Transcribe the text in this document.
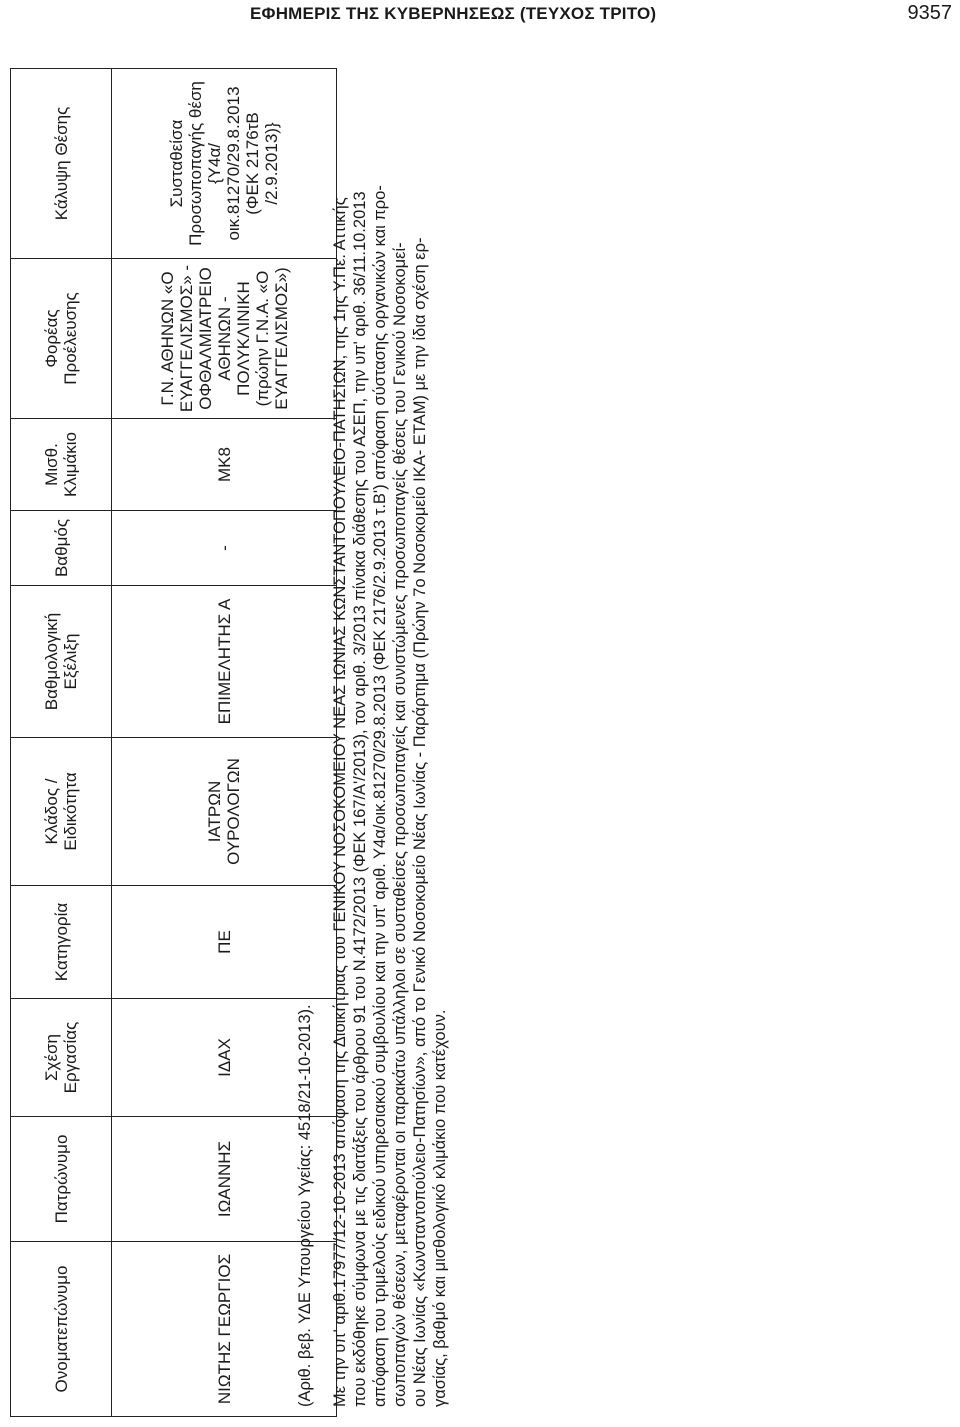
ΕΦΗΜΕΡΙΣ ΤΗΣ ΚΥΒΕΡΝΗΣΕΩΣ (ΤΕΥΧΟΣ ΤΡΙΤΟ)	9357
Ονοματεπώνυμο	Πατρώνυμο	Σχέση Εργασίας	Κατηγορία	Κλάδος / Ειδικότητα	Βαθμολογική Εξέλιξη	Βαθμός	Μισθ. Κλιμάκιο	Φορέας Προέλευσης	Κάλυψη Θέσης
ΝΙΩΤΗΣ ΓΕΩΡΓΙΟΣ	ΙΩΑΝΝΗΣ	ΙΔΑΧ	ΠΕ	ΙΑΤΡΩΝ ΟΥΡΟΛΟΓΩΝ	ΕΠΙΜΕΛΗΤΗΣ Α	-	ΜΚ8	Γ.Ν. ΑΘΗΝΩΝ «Ο ΕΥΑΓΓΕΛΙΣΜΟΣ» - ΟΦΘΑΛΜΙΑΤΡΕΙΟ ΑΘΗΝΩΝ - ΠΟΛΥΚΛΙΝΙΚΗ (πρώην Γ.Ν.Α. «Ο ΕΥΑΓΓΕΛΙΣΜΟΣ»)	Συσταθείσα Προσωποπαγής θέση {Υ4α/οικ.81270/29.8.2013 (ΦΕΚ 2176τΒ /2.9.2013)}
(Αριθ. βεβ. ΥΔΕ Υπουργείου Υγείας: 4518/21-10-2013). Με την υπ' αριθ.17977/12-10-2013 απόφαση της Διοικήτριας του ΓΕΝΙΚΟΥ ΝΟΣΟΚΟΜΕΙΟΥ ΝΕΑΣ ΙΩΝΙΑΣ ΚΩΝΣΤΑΝΤΟΠΟΥΛΕΙΟ-ΠΑΤΗΣΙΩΝ, της 1ης Υ.Πε. Αττικής που εκδόθηκε σύμφωνα με τις διατάξεις του άρθρου 91 του Ν.4172/2013 (ΦΕΚ 167/Α'/2013), τον αριθ. 3/2013 πίνακα διάθεσης του ΑΣΕΠ, την υπ' αριθ. 36/11.10.2013 απόφαση του τριμελούς ειδικού υπηρεσιακού συμβουλίου και την υπ' αριθ. Υ4α/οικ.81270/29.8.2013 (ΦΕΚ 2176/2.9.2013 τ.Β') απόφαση σύστασης οργανικών και προ- σωποπαγών θέσεων, μεταφέρονται οι παρακάτω υπάλληλοι σε συσταθείσες προσωποπαγείς και συνιστώμενες προσωποπαγείς θέσεις του Γενικού Νοσοκομεί- ου Νέας Ιωνίας «Κωνσταντοπούλειο-Πατησίων», από το Γενικό Νοσοκομείο Νέας Ιωνίας - Παράρτημα (Πρώην 7ο Νοσοκομείο ΙΚΑ- ΕΤΑΜ) με την ίδια σχέση ερ- γασίας, βαθμό και μισθολογικό κλιμάκιο που κατέχουν.
